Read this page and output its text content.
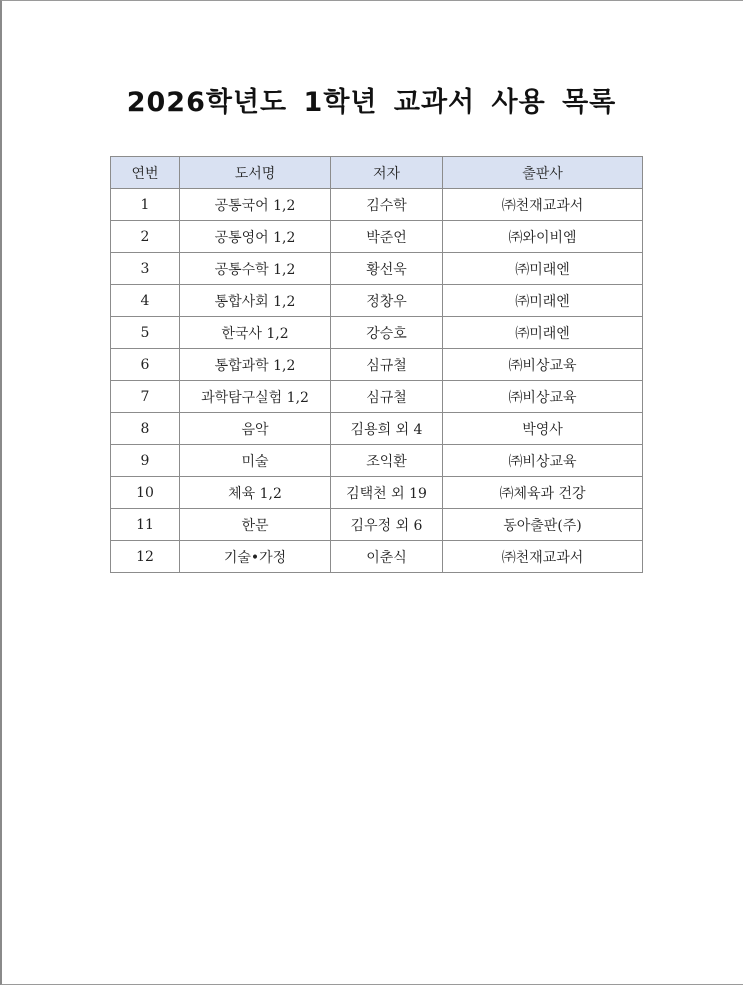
2026학년도 1학년 교과서 사용 목록
연번	도서명	저자	출판사
1	공통국어 1,2	김수학	㈜천재교과서
2	공통영어 1,2	박준언	㈜와이비엠
3	공통수학 1,2	황선욱	㈜미래엔
4	통합사회 1,2	정창우	㈜미래엔
5	한국사 1,2	강승호	㈜미래엔
6	통합과학 1,2	심규철	㈜비상교육
7	과학탐구실험 1,2	심규철	㈜비상교육
8	음악	김용희 외 4	박영사
9	미술	조익환	㈜비상교육
10	체육 1,2	김택천 외 19	㈜체육과 건강
11	한문	김우정 외 6	동아출판(주)
12	기술•가정	이춘식	㈜천재교과서
